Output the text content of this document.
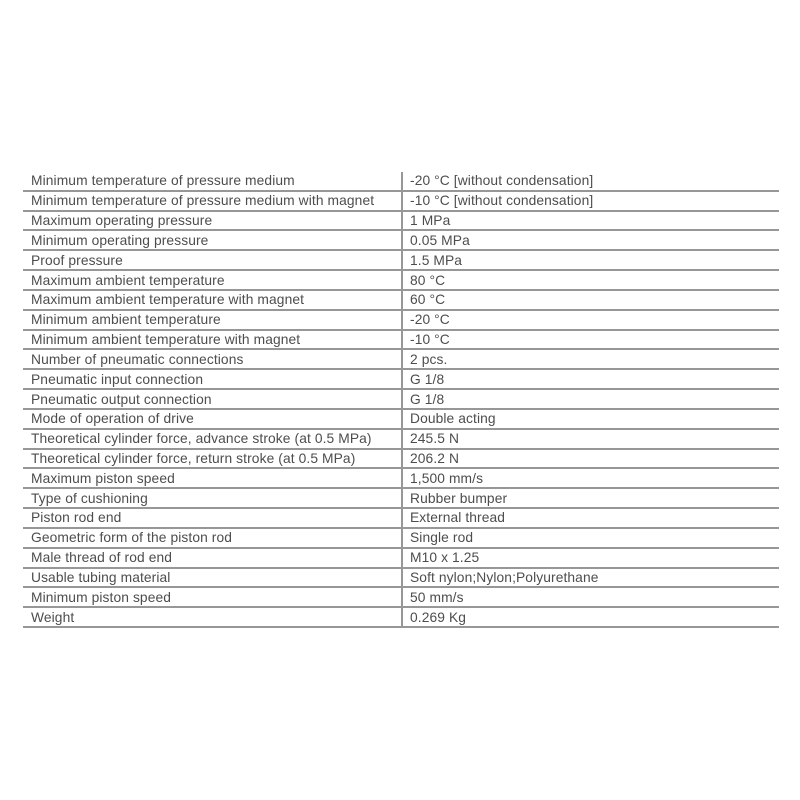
Minimum temperature of pressure medium	-20 °C [without condensation]
Minimum temperature of pressure medium with magnet	-10 °C [without condensation]
Maximum operating pressure	1 MPa
Minimum operating pressure	0.05 MPa
Proof pressure	1.5 MPa
Maximum ambient temperature	80 °C
Maximum ambient temperature with magnet	60 °C
Minimum ambient temperature	-20 °C
Minimum ambient temperature with magnet	-10 °C
Number of pneumatic connections	2 pcs.
Pneumatic input connection	G 1/8
Pneumatic output connection	G 1/8
Mode of operation of drive	Double acting
Theoretical cylinder force, advance stroke (at 0.5 MPa)	245.5 N
Theoretical cylinder force, return stroke (at 0.5 MPa)	206.2 N
Maximum piston speed	1,500 mm/s
Type of cushioning	Rubber bumper
Piston rod end	External thread
Geometric form of the piston rod	Single rod
Male thread of rod end	M10 x 1.25
Usable tubing material	Soft nylon;Nylon;Polyurethane
Minimum piston speed	50 mm/s
Weight	0.269 Kg
